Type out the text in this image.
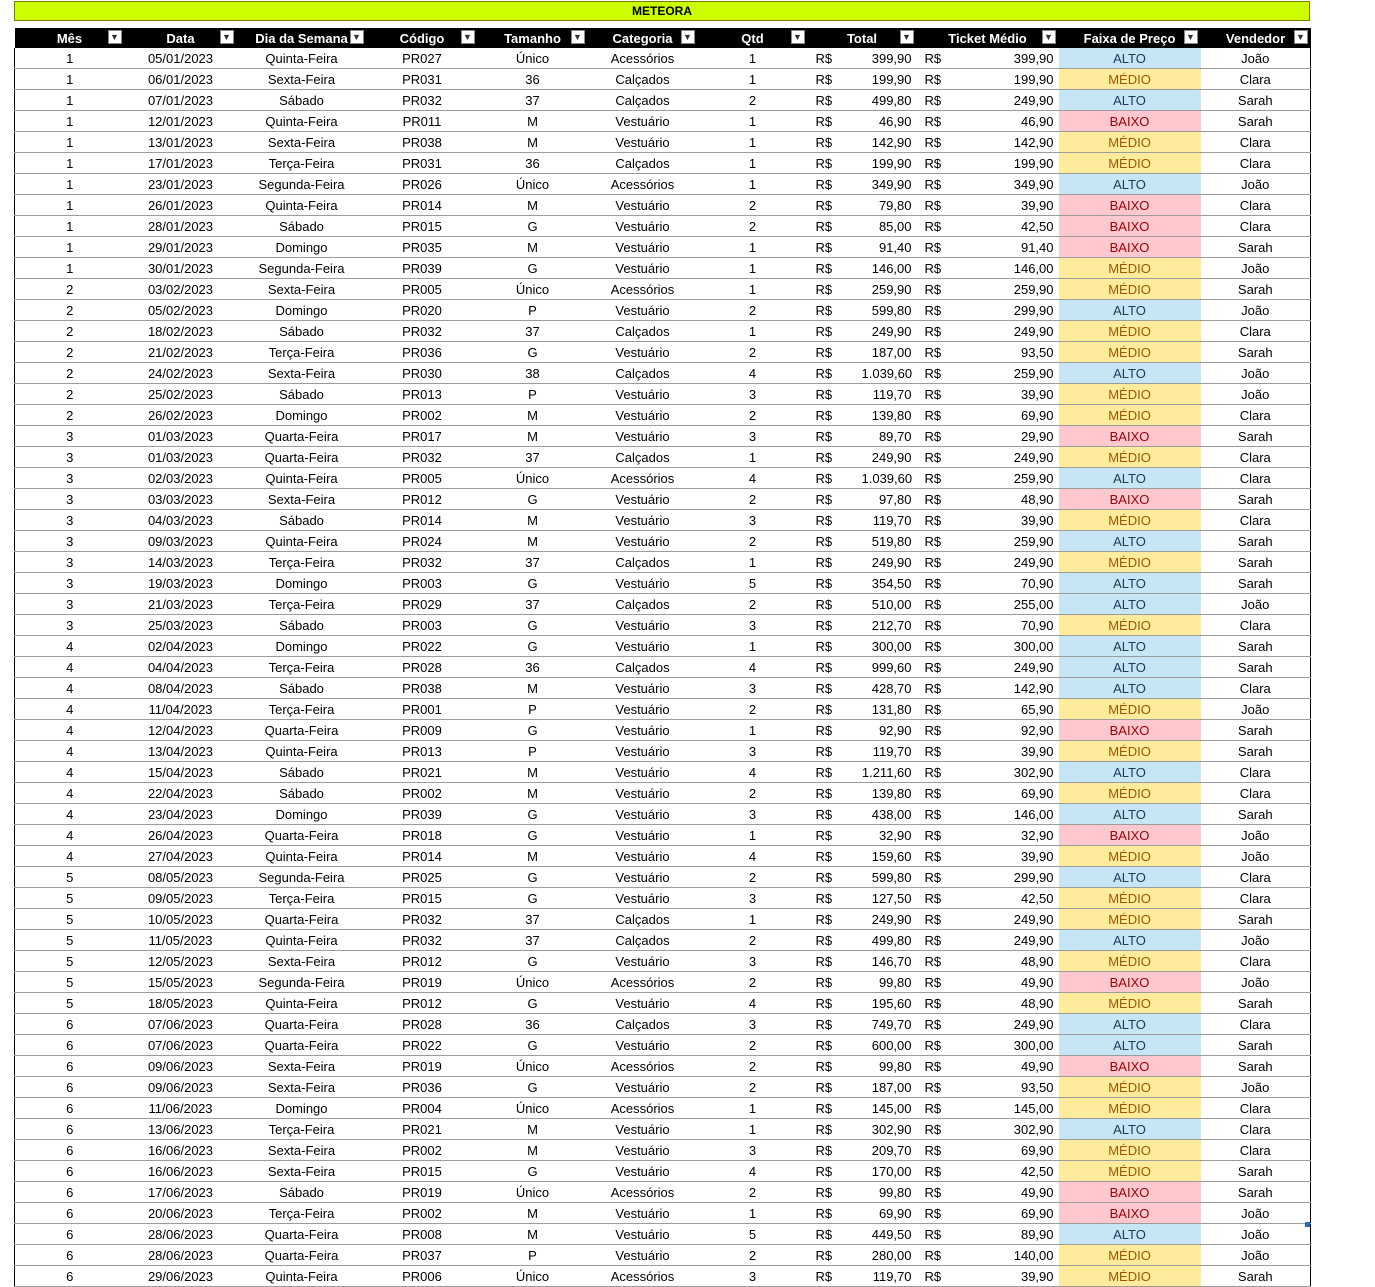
METEORA
Mês ▼	Data ▼	Dia da Semana ▼	Código ▼	Tamanho ▼	Categoria ▼	Qtd ▼	Total ▼		Ticket Médio ▼		Faixa de Preço ▼	Vendedor ▼

1	05/01/2023	Quinta-Feira	PR027	Único	Acessórios	1	R$	399,90	R$	399,90	ALTO	João
1	06/01/2023	Sexta-Feira	PR031	36	Calçados	1	R$	199,90	R$	199,90	MÉDIO	Clara
1	07/01/2023	Sábado	PR032	37	Calçados	2	R$	499,80	R$	249,90	ALTO	Sarah
1	12/01/2023	Quinta-Feira	PR011	M	Vestuário	1	R$	46,90	R$	46,90	BAIXO	Sarah
1	13/01/2023	Sexta-Feira	PR038	M	Vestuário	1	R$	142,90	R$	142,90	MÉDIO	Clara
1	17/01/2023	Terça-Feira	PR031	36	Calçados	1	R$	199,90	R$	199,90	MÉDIO	Clara
1	23/01/2023	Segunda-Feira	PR026	Único	Acessórios	1	R$	349,90	R$	349,90	ALTO	João
1	26/01/2023	Quinta-Feira	PR014	M	Vestuário	2	R$	79,80	R$	39,90	BAIXO	Clara
1	28/01/2023	Sábado	PR015	G	Vestuário	2	R$	85,00	R$	42,50	BAIXO	Clara
1	29/01/2023	Domingo	PR035	M	Vestuário	1	R$	91,40	R$	91,40	BAIXO	Sarah
1	30/01/2023	Segunda-Feira	PR039	G	Vestuário	1	R$	146,00	R$	146,00	MÉDIO	João
2	03/02/2023	Sexta-Feira	PR005	Único	Acessórios	1	R$	259,90	R$	259,90	MÉDIO	Sarah
2	05/02/2023	Domingo	PR020	P	Vestuário	2	R$	599,80	R$	299,90	ALTO	João
2	18/02/2023	Sábado	PR032	37	Calçados	1	R$	249,90	R$	249,90	MÉDIO	Clara
2	21/02/2023	Terça-Feira	PR036	G	Vestuário	2	R$	187,00	R$	93,50	MÉDIO	Sarah
2	24/02/2023	Sexta-Feira	PR030	38	Calçados	4	R$	1.039,60	R$	259,90	ALTO	João
2	25/02/2023	Sábado	PR013	P	Vestuário	3	R$	119,70	R$	39,90	MÉDIO	João
2	26/02/2023	Domingo	PR002	M	Vestuário	2	R$	139,80	R$	69,90	MÉDIO	Clara
3	01/03/2023	Quarta-Feira	PR017	M	Vestuário	3	R$	89,70	R$	29,90	BAIXO	Sarah
3	01/03/2023	Quarta-Feira	PR032	37	Calçados	1	R$	249,90	R$	249,90	MÉDIO	Clara
3	02/03/2023	Quinta-Feira	PR005	Único	Acessórios	4	R$	1.039,60	R$	259,90	ALTO	Clara
3	03/03/2023	Sexta-Feira	PR012	G	Vestuário	2	R$	97,80	R$	48,90	BAIXO	Sarah
3	04/03/2023	Sábado	PR014	M	Vestuário	3	R$	119,70	R$	39,90	MÉDIO	Clara
3	09/03/2023	Quinta-Feira	PR024	M	Vestuário	2	R$	519,80	R$	259,90	ALTO	Sarah
3	14/03/2023	Terça-Feira	PR032	37	Calçados	1	R$	249,90	R$	249,90	MÉDIO	Sarah
3	19/03/2023	Domingo	PR003	G	Vestuário	5	R$	354,50	R$	70,90	ALTO	Sarah
3	21/03/2023	Terça-Feira	PR029	37	Calçados	2	R$	510,00	R$	255,00	ALTO	João
3	25/03/2023	Sábado	PR003	G	Vestuário	3	R$	212,70	R$	70,90	MÉDIO	Clara
4	02/04/2023	Domingo	PR022	G	Vestuário	1	R$	300,00	R$	300,00	ALTO	Sarah
4	04/04/2023	Terça-Feira	PR028	36	Calçados	4	R$	999,60	R$	249,90	ALTO	Sarah
4	08/04/2023	Sábado	PR038	M	Vestuário	3	R$	428,70	R$	142,90	ALTO	Clara
4	11/04/2023	Terça-Feira	PR001	P	Vestuário	2	R$	131,80	R$	65,90	MÉDIO	João
4	12/04/2023	Quarta-Feira	PR009	G	Vestuário	1	R$	92,90	R$	92,90	BAIXO	Sarah
4	13/04/2023	Quinta-Feira	PR013	P	Vestuário	3	R$	119,70	R$	39,90	MÉDIO	Sarah
4	15/04/2023	Sábado	PR021	M	Vestuário	4	R$	1.211,60	R$	302,90	ALTO	Clara
4	22/04/2023	Sábado	PR002	M	Vestuário	2	R$	139,80	R$	69,90	MÉDIO	Clara
4	23/04/2023	Domingo	PR039	G	Vestuário	3	R$	438,00	R$	146,00	ALTO	Sarah
4	26/04/2023	Quarta-Feira	PR018	G	Vestuário	1	R$	32,90	R$	32,90	BAIXO	João
4	27/04/2023	Quinta-Feira	PR014	M	Vestuário	4	R$	159,60	R$	39,90	MÉDIO	João
5	08/05/2023	Segunda-Feira	PR025	G	Vestuário	2	R$	599,80	R$	299,90	ALTO	Clara
5	09/05/2023	Terça-Feira	PR015	G	Vestuário	3	R$	127,50	R$	42,50	MÉDIO	Clara
5	10/05/2023	Quarta-Feira	PR032	37	Calçados	1	R$	249,90	R$	249,90	MÉDIO	Sarah
5	11/05/2023	Quinta-Feira	PR032	37	Calçados	2	R$	499,80	R$	249,90	ALTO	João
5	12/05/2023	Sexta-Feira	PR012	G	Vestuário	3	R$	146,70	R$	48,90	MÉDIO	Clara
5	15/05/2023	Segunda-Feira	PR019	Único	Acessórios	2	R$	99,80	R$	49,90	BAIXO	João
5	18/05/2023	Quinta-Feira	PR012	G	Vestuário	4	R$	195,60	R$	48,90	MÉDIO	Sarah
6	07/06/2023	Quarta-Feira	PR028	36	Calçados	3	R$	749,70	R$	249,90	ALTO	Clara
6	07/06/2023	Quarta-Feira	PR022	G	Vestuário	2	R$	600,00	R$	300,00	ALTO	Sarah
6	09/06/2023	Sexta-Feira	PR019	Único	Acessórios	2	R$	99,80	R$	49,90	BAIXO	Sarah
6	09/06/2023	Sexta-Feira	PR036	G	Vestuário	2	R$	187,00	R$	93,50	MÉDIO	João
6	11/06/2023	Domingo	PR004	Único	Acessórios	1	R$	145,00	R$	145,00	MÉDIO	Clara
6	13/06/2023	Terça-Feira	PR021	M	Vestuário	1	R$	302,90	R$	302,90	ALTO	Clara
6	16/06/2023	Sexta-Feira	PR002	M	Vestuário	3	R$	209,70	R$	69,90	MÉDIO	Clara
6	16/06/2023	Sexta-Feira	PR015	G	Vestuário	4	R$	170,00	R$	42,50	MÉDIO	Sarah
6	17/06/2023	Sábado	PR019	Único	Acessórios	2	R$	99,80	R$	49,90	BAIXO	Sarah
6	20/06/2023	Terça-Feira	PR002	M	Vestuário	1	R$	69,90	R$	69,90	BAIXO	João
6	28/06/2023	Quarta-Feira	PR008	M	Vestuário	5	R$	449,50	R$	89,90	ALTO	João
6	28/06/2023	Quarta-Feira	PR037	P	Vestuário	2	R$	280,00	R$	140,00	MÉDIO	João
6	29/06/2023	Quinta-Feira	PR006	Único	Acessórios	3	R$	119,70	R$	39,90	MÉDIO	Sarah
